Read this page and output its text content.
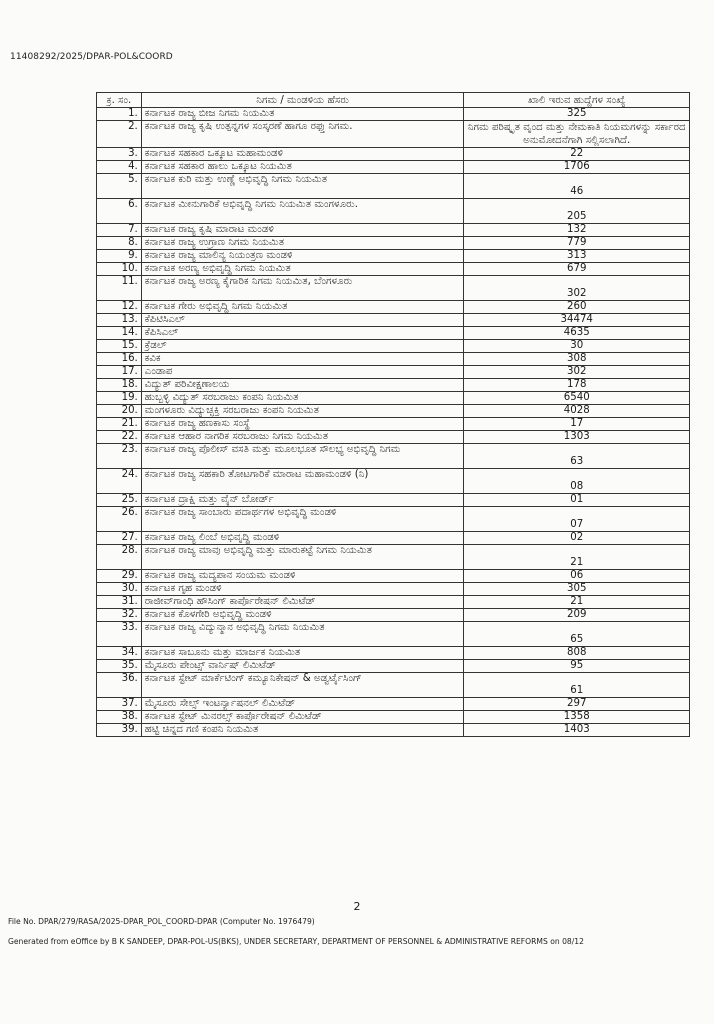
11408292/2025/DPAR-POL&COORD
ಕ್ರ. ಸಂ.	ನಿಗಮ / ಮಂಡಳಿಯ ಹೆಸರು	ಖಾಲಿ ಇರುವ ಹುದ್ದೆಗಳ ಸಂಖ್ಯೆ
1.	ಕರ್ನಾಟಕ ರಾಜ್ಯ ಬೀಜ ನಿಗಮ ನಿಯಮಿತ	325
2.	ಕರ್ನಾಟಕ ರಾಜ್ಯ ಕೃಷಿ ಉತ್ಪನ್ನಗಳ ಸಂಸ್ಕರಣೆ ಹಾಗೂ ರಫ್ತು ನಿಗಮ.	ನಿಗಮ ಪರಿಷ್ಕೃತ ವೃಂದ ಮತ್ತು ನೇಮಕಾತಿ ನಿಯಮಗಳನ್ನು ಸರ್ಕಾರದ ಅನುಮೋದನೆಗಾಗಿ ಸಲ್ಲಿಸಲಾಗಿದೆ.
3.	ಕರ್ನಾಟಕ ಸಹಕಾರ ಒಕ್ಕೂಟ ಮಹಾಮಂಡಳಿ	22
4.	ಕರ್ನಾಟಕ ಸಹಕಾರ ಹಾಲು ಒಕ್ಕೂಟ ನಿಯಮಿತ	1706
5.	ಕರ್ನಾಟಕ ಕುರಿ ಮತ್ತು ಉಣ್ಣೆ ಅಭಿವೃದ್ಧಿ ನಿಗಮ ನಿಯಮಿತ	46
6.	ಕರ್ನಾಟಕ ಮೀನುಗಾರಿಕೆ ಅಭಿವೃದ್ಧಿ ನಿಗಮ ನಿಯಮಿತ ಮಂಗಳೂರು.	205
7.	ಕರ್ನಾಟಕ ರಾಜ್ಯ ಕೃಷಿ ಮಾರಾಟ ಮಂಡಳಿ	132
8.	ಕರ್ನಾಟಕ ರಾಜ್ಯ ಉಗ್ರಾಣ ನಿಗಮ ನಿಯಮಿತ	779
9.	ಕರ್ನಾಟಕ ರಾಜ್ಯ ಮಾಲಿನ್ಯ ನಿಯಂತ್ರಣ ಮಂಡಳಿ	313
10.	ಕರ್ನಾಟಕ ಅರಣ್ಯ ಅಭಿವೃದ್ಧಿ ನಿಗಮ ನಿಯಮಿತ	679
11.	ಕರ್ನಾಟಕ ರಾಜ್ಯ ಅರಣ್ಯ ಕೈಗಾರಿಕ ನಿಗಮ ನಿಯಮಿತ, ಬೆಂಗಳೂರು	302
12.	ಕರ್ನಾಟಕ ಗೇರು ಅಭಿವೃದ್ಧಿ ನಿಗಮ ನಿಯಮಿತ	260
13.	ಕೆಪಿಟಿಸಿಎಲ್	34474
14.	ಕೆಪಿಸಿಎಲ್	4635
15.	ಕ್ರೆಡಲ್	30
16.	ಕವಿಕ	308
17.	ಎಂಡಾಪ	302
18.	ವಿದ್ಯುತ್ ಪರಿವೀಕ್ಷಣಾಲಯ	178
19.	ಹುಬ್ಬಳ್ಳಿ ವಿದ್ಯುತ್ ಸರಬರಾಜು ಕಂಪನಿ ನಿಯಮಿತ	6540
20.	ಮಂಗಳೂರು ವಿದ್ಯುಚ್ಛಕ್ತಿ ಸರಬರಾಜು ಕಂಪನಿ ನಿಯಮಿತ	4028
21.	ಕರ್ನಾಟಕ ರಾಜ್ಯ ಹಣಕಾಸು ಸಂಸ್ಥೆ	17
22.	ಕರ್ನಾಟಕ ಆಹಾರ ನಾಗರಿಕ ಸರಬರಾಜು ನಿಗಮ ನಿಯಮಿತ	1303
23.	ಕರ್ನಾಟಕ ರಾಜ್ಯ ಪೊಲೀಸ್ ವಸತಿ ಮತ್ತು ಮೂಲಭೂತ ಸೌಲಭ್ಯ ಅಭಿವೃದ್ಧಿ ನಿಗಮ	63
24.	ಕರ್ನಾಟಕ ರಾಜ್ಯ ಸಹಕಾರಿ ತೋಟಗಾರಿಕೆ ಮಾರಾಟ ಮಹಾಮಂಡಳಿ (ನಿ)	08
25.	ಕರ್ನಾಟಕ ದ್ರಾಕ್ಷಿ ಮತ್ತು ವೈನ್ ಬೋರ್ಡ್	01
26.	ಕರ್ನಾಟಕ ರಾಜ್ಯ ಸಾಂಬಾರು ಪದಾರ್ಥಗಳ ಅಭಿವೃದ್ಧಿ ಮಂಡಳಿ	07
27.	ಕರ್ನಾಟಕ ರಾಜ್ಯ ಲಿಂಬೆ ಅಭಿವೃದ್ಧಿ ಮಂಡಳಿ	02
28.	ಕರ್ನಾಟಕ ರಾಜ್ಯ ಮಾವು ಅಭಿವೃದ್ಧಿ ಮತ್ತು ಮಾರುಕಟ್ಟೆ ನಿಗಮ ನಿಯಮಿತ	21
29.	ಕರ್ನಾಟಕ ರಾಜ್ಯ ಮದ್ಯಪಾನ ಸಂಯಮ ಮಂಡಳಿ	06
30.	ಕರ್ನಾಟಕ ಗೃಹ ಮಂಡಳಿ	305
31.	ರಾಜೀವ್‌ಗಾಂಧಿ ಹೌಸಿಂಗ್ ಕಾರ್ಪೊರೇಷನ್ ಲಿಮಿಟೆಡ್	21
32.	ಕರ್ನಾಟಕ ಕೊಳಗೇರಿ ಅಭಿವೃದ್ಧಿ ಮಂಡಳಿ	209
33.	ಕರ್ನಾಟಕ ರಾಜ್ಯ ವಿದ್ಯುನ್ಮಾನ ಅಭಿವೃದ್ಧಿ ನಿಗಮ ನಿಯಮಿತ	65
34.	ಕರ್ನಾಟಕ ಸಾಬೂನು ಮತ್ತು ಮಾರ್ಜಕ ನಿಯಮಿತ	808
35.	ಮೈಸೂರು ಪೇಂಟ್ಸ್ ವಾರ್ನಿಷ್ ಲಿಮಿಟೆಡ್	95
36.	ಕರ್ನಾಟಕ ಸ್ಟೇಟ್ ಮಾರ್ಕೆಟಿಂಗ್ ಕಮ್ಯೂನಿಕೇಷನ್ & ಅಡ್ವರ್ಟೈಸಿಂಗ್	61
37.	ಮೈಸೂರು ಸೇಲ್ಸ್ ಇಂಟರ್ನ್ಯಾಷನಲ್ ಲಿಮಿಟೆಡ್	297
38.	ಕರ್ನಾಟಕ ಸ್ಟೇಟ್ ಮಿನರಲ್ಸ್ ಕಾರ್ಪೊರೇಷನ್ ಲಿಮಿಟೆಡ್	1358
39.	ಹಟ್ಟಿ ಚಿನ್ನದ ಗಣಿ ಕಂಪನಿ ನಿಯಮಿತ	1403
2
File No. DPAR/279/RASA/2025-DPAR_POL_COORD-DPAR (Computer No. 1976479)
Generated from eOffice by B K SANDEEP, DPAR-POL-US(BKS), UNDER SECRETARY, DEPARTMENT OF PERSONNEL & ADMINISTRATIVE REFORMS on 08/12
